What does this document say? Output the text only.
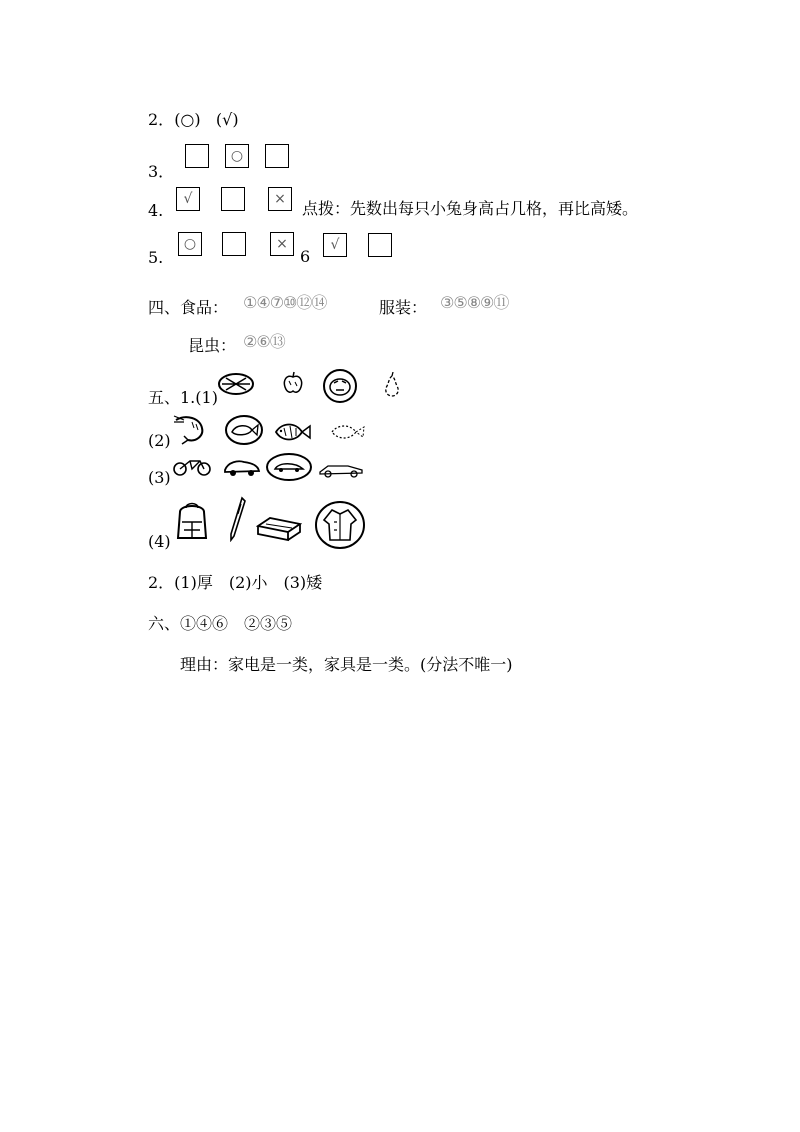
2．(○) (√)
3．
○
4.
√	×	点拨：先数出每只小兔身高占几格，再比高矮。
5.
○	×
6
√
四、食品： ①④⑦⑩⑫⑭	服装： ③⑤⑧⑨⑪
昆虫： ②⑥⑬
五、1.(1)
(2)
(3)
(4)
2．(1)厚　(2)小　(3)矮
六、①④⑥　②③⑤
理由：家电是一类，家具是一类。(分法不唯一)
